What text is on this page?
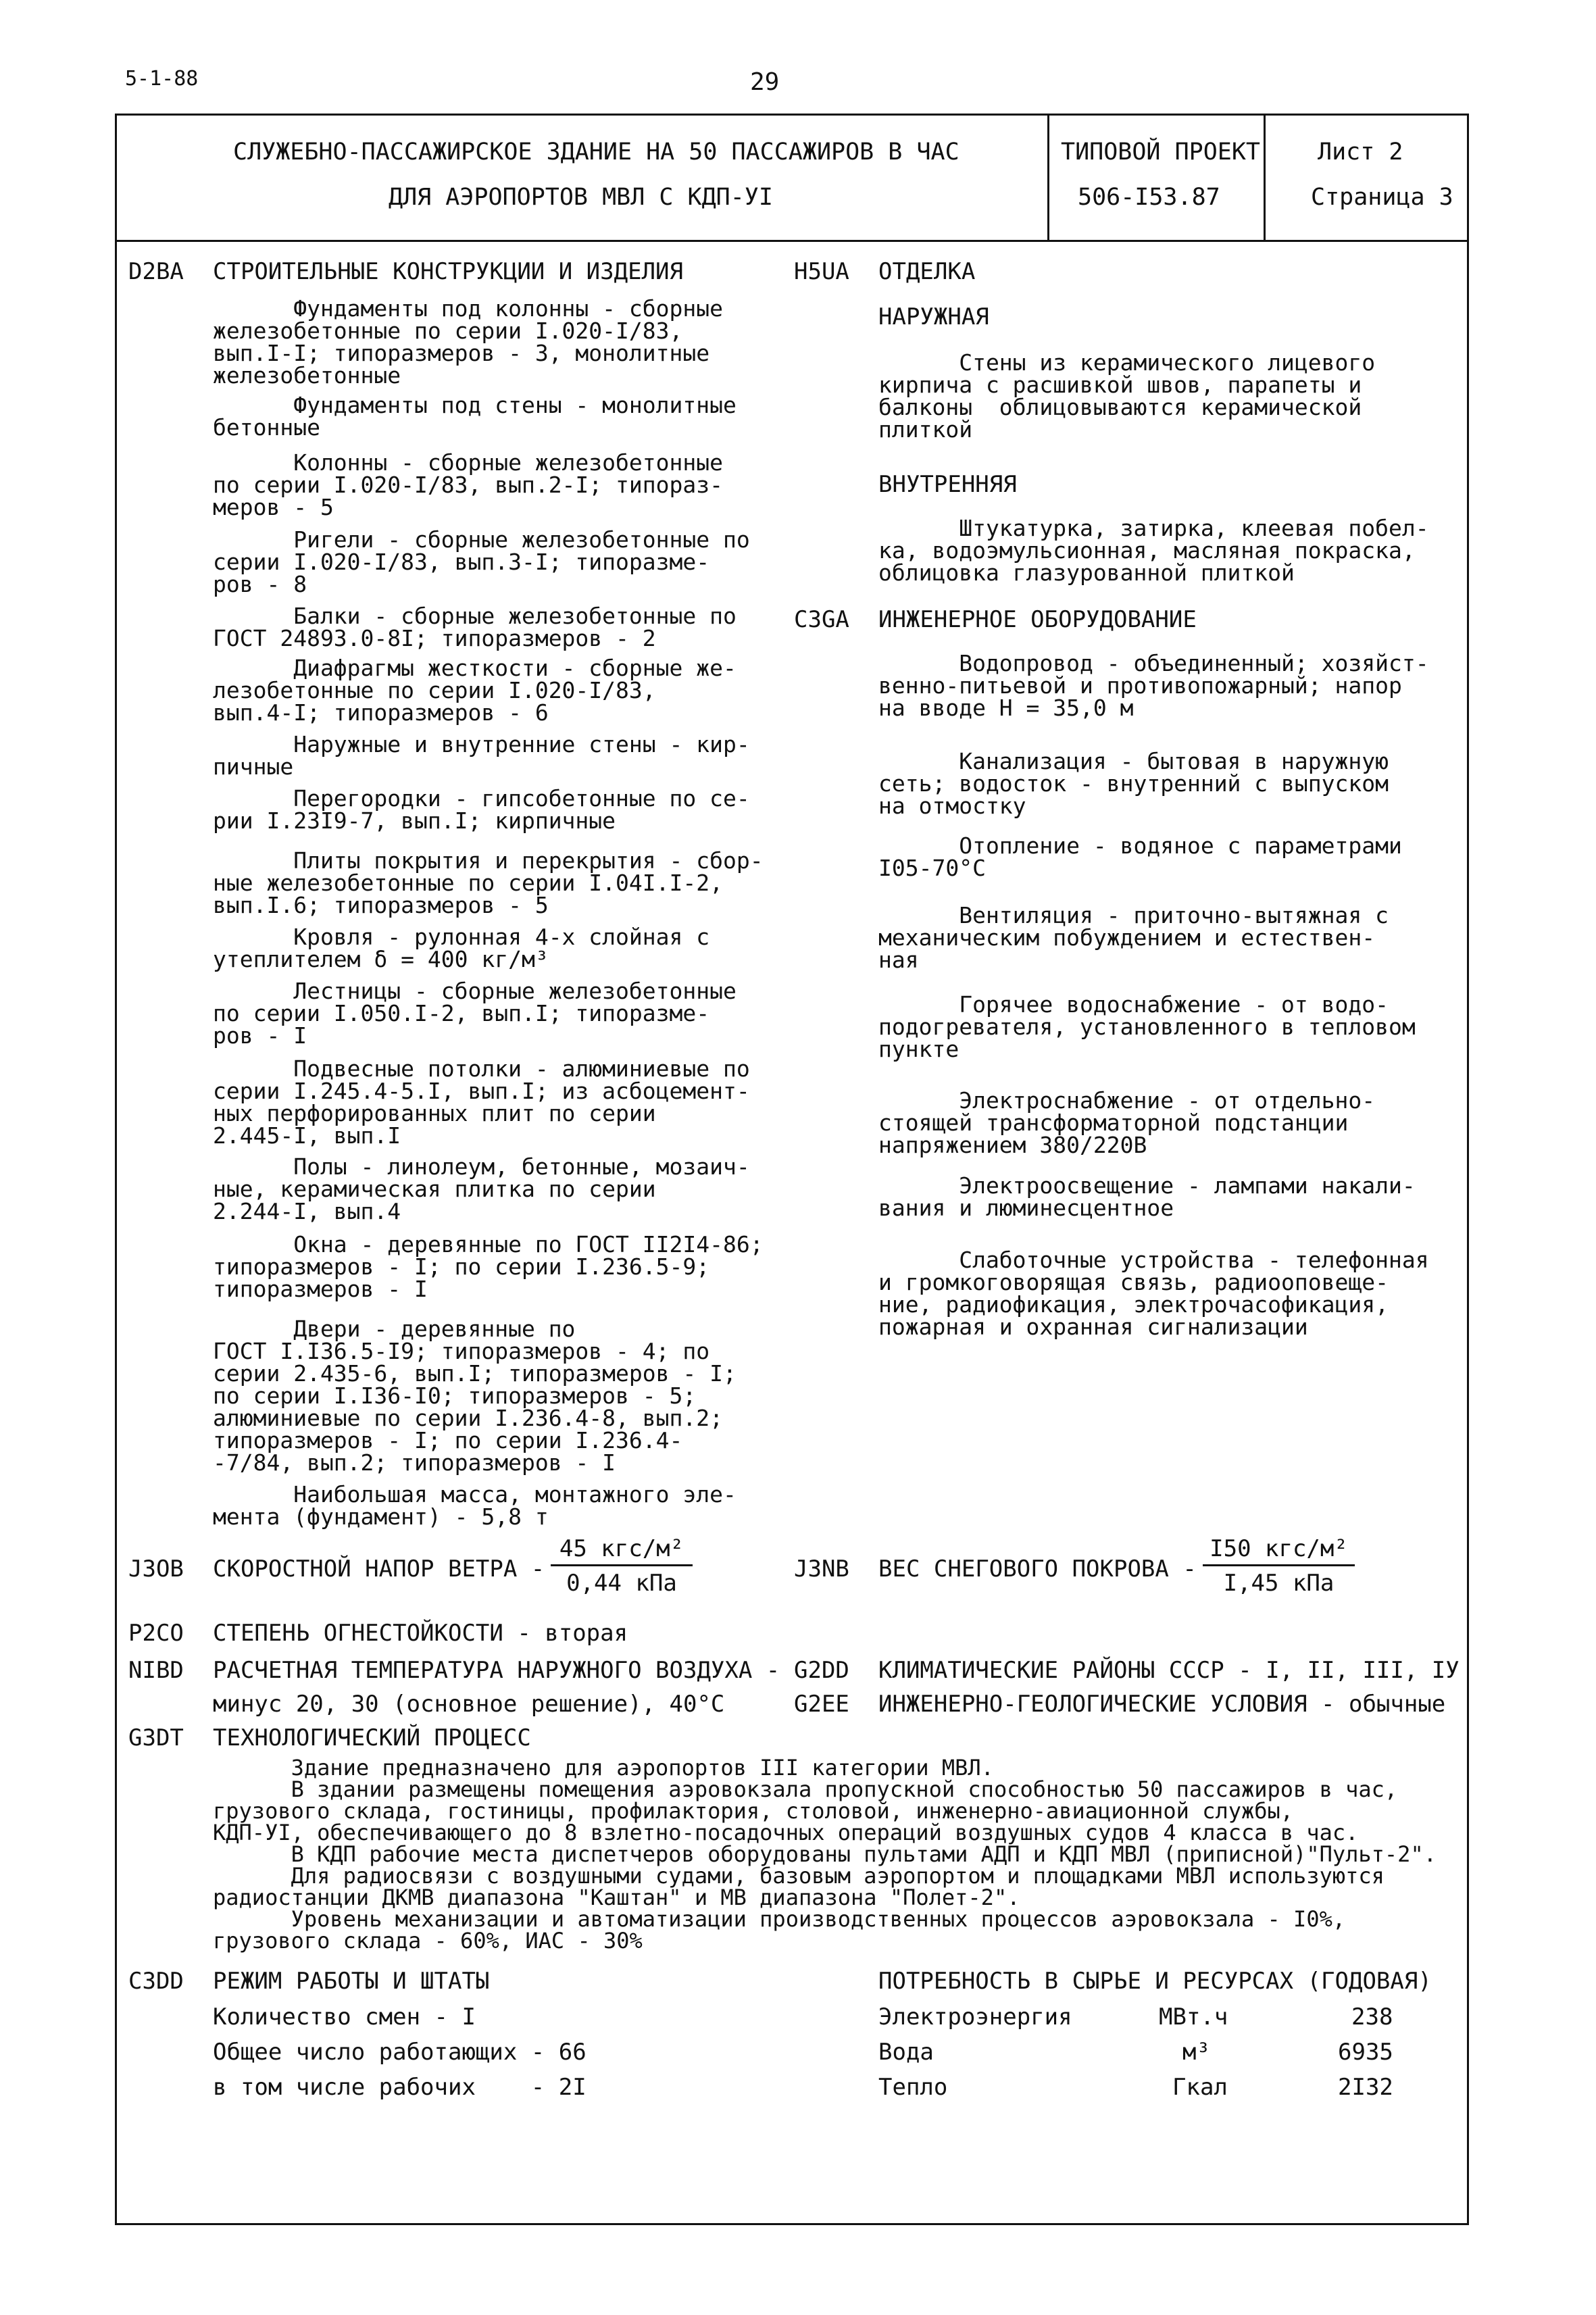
5-1-88	29
СЛУЖЕБНО-ПАССАЖИРСКОЕ ЗДАНИЕ НА 50 ПАССАЖИРОВ В ЧАС
ДЛЯ АЭРОПОРТОВ МВЛ С КДП-УI
ТИПОВОЙ ПРОЕКТ
506-I53.87
Лист 2
Страница 3
D2BA СТРОИТЕЛЬНЫЕ КОНСТРУКЦИИ И ИЗДЕЛИЯ
Фундаменты под колонны - сборные
железобетонные по серии I.020-I/83,
вып.I-I; типоразмеров - 3, монолитные
железобетонные
Фундаменты под стены - монолитные
бетонные
Колонны - сборные железобетонные
по серии I.020-I/83, вып.2-I; типораз-
меров - 5
Ригели - сборные железобетонные по
серии I.020-I/83, вып.3-I; типоразме-
ров - 8
Балки - сборные железобетонные по
ГОСТ 24893.0-8I; типоразмеров - 2
Диафрагмы жесткости - сборные же-
лезобетонные по серии I.020-I/83,
вып.4-I; типоразмеров - 6
Наружные и внутренние стены - кир-
пичные
Перегородки - гипсобетонные по се-
рии I.23I9-7, вып.I; кирпичные
Плиты покрытия и перекрытия - сбор-
ные железобетонные по серии I.04I.I-2,
вып.I.6; типоразмеров - 5
Кровля - рулонная 4-х слойная с
утеплителем δ = 400 кг/м³
Лестницы - сборные железобетонные
по серии I.050.I-2, вып.I; типоразме-
ров - I
Подвесные потолки - алюминиевые по
серии I.245.4-5.I, вып.I; из асбоцемент-
ных перфорированных плит по серии
2.445-I, вып.I
Полы - линолеум, бетонные, мозаич-
ные, керамическая плитка по серии
2.244-I, вып.4
Окна - деревянные по ГОСТ II2I4-86;
типоразмеров - I; по серии I.236.5-9;
типоразмеров - I
Двери - деревянные по
ГОСТ I.I36.5-I9; типоразмеров - 4; по
серии 2.435-6, вып.I; типоразмеров - I;
по серии I.I36-I0; типоразмеров - 5;
алюминиевые по серии I.236.4-8, вып.2;
типоразмеров - I; по серии I.236.4-
-7/84, вып.2; типоразмеров - I
Наибольшая масса, монтажного эле-
мента (фундамент) - 5,8 т
J3OB СКОРОСТНОЙ НАПОР ВЕТРА -
45 кгс/м²
0,44 кПа
P2CO СТЕПЕНЬ ОГНЕСТОЙКОСТИ - вторая
NIBD РАСЧЕТНАЯ ТЕМПЕРАТУРА НАРУЖНОГО ВОЗДУХА -
минус 20, 30 (основное решение), 40°С
G3DT ТЕХНОЛОГИЧЕСКИЙ ПРОЦЕСС
Здание предназначено для аэропортов III категории МВЛ.
В здании размещены помещения аэровокзала пропускной способностью 50 пассажиров в час,
грузового склада, гостиницы, профилактория, столовой, инженерно-авиационной службы,
КДП-УI, обеспечивающего до 8 взлетно-посадочных операций воздушных судов 4 класса в час.
В КДП рабочие места диспетчеров оборудованы пультами АДП и КДП МВЛ (приписной)"Пульт-2".
Для радиосвязи с воздушными судами, базовым аэропортом и площадками МВЛ используются
радиостанции ДКМВ диапазона "Каштан" и МВ диапазона "Полет-2".
Уровень механизации и автоматизации производственных процессов аэровокзала - I0%,
грузового склада - 60%, ИАС - 30%
C3DD РЕЖИМ РАБОТЫ И ШТАТЫ
Количество смен - I
Общее число работающих - 66
в том числе рабочих    - 2I
H5UA ОТДЕЛКА
НАРУЖНАЯ
Стены из керамического лицевого
кирпича с расшивкой швов, парапеты и
балконы  облицовываются керамической
плиткой
ВНУТРЕННЯЯ
Штукатурка, затирка, клеевая побел-
ка, водоэмульсионная, масляная покраска,
облицовка глазурованной плиткой
C3GA ИНЖЕНЕРНОЕ ОБОРУДОВАНИЕ
Водопровод - объединенный; хозяйст-
венно-питьевой и противопожарный; напор
на вводе Н = 35,0 м
Канализация - бытовая в наружную
сеть; водосток - внутренний с выпуском
на отмостку
Отопление - водяное с параметрами
I05-70°С
Вентиляция - приточно-вытяжная с
механическим побуждением и естествен-
ная
Горячее водоснабжение - от водо-
подогревателя, установленного в тепловом
пункте
Электроснабжение - от отдельно-
стоящей трансформаторной подстанции
напряжением 380/220В
Электроосвещение - лампами накали-
вания и люминесцентное
Слаботочные устройства - телефонная
и громкоговорящая связь, радиооповеще-
ние, радиофикация, электрочасофикация,
пожарная и охранная сигнализации
J3NB ВЕС СНЕГОВОГО ПОКРОВА -
I50 кгс/м²
I,45 кПа
G2DD КЛИМАТИЧЕСКИЕ РАЙОНЫ СССР - I, II, III, IУ
G2EE ИНЖЕНЕРНО-ГЕОЛОГИЧЕСКИЕ УСЛОВИЯ - обычные
ПОТРЕБНОСТЬ В СЫРЬЕ И РЕСУРСАХ (ГОДОВАЯ)
Электроэнергия	МВт.ч	238
Вода	м³	6935
Тепло	Гкал	2I32
